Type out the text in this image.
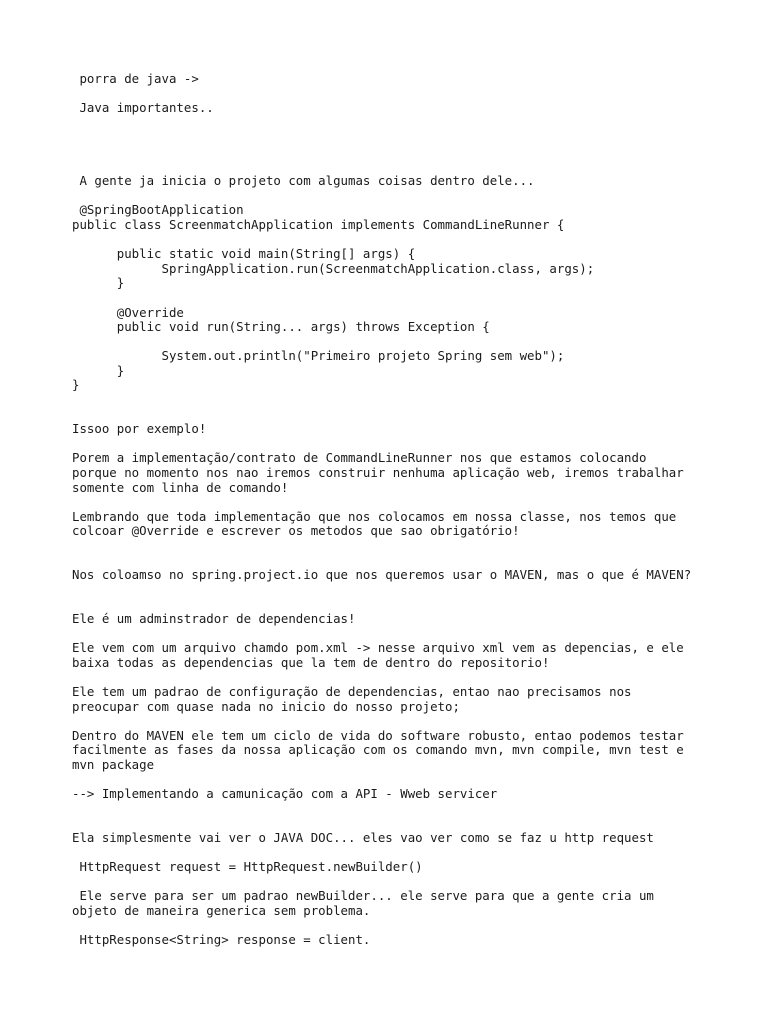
porra de java ->
Java importantes..
A gente ja inicia o projeto com algumas coisas dentro dele...
@SpringBootApplication
public class ScreenmatchApplication implements CommandLineRunner {
public static void main(String[] args) {
SpringApplication.run(ScreenmatchApplication.class, args);
}
@Override
public void run(String... args) throws Exception {
System.out.println("Primeiro projeto Spring sem web");
}
}
Issoo por exemplo!
Porem a implementação/contrato de CommandLineRunner nos que estamos colocando
porque no momento nos nao iremos construir nenhuma aplicação web, iremos trabalhar
somente com linha de comando!
Lembrando que toda implementação que nos colocamos em nossa classe, nos temos que
colcoar @Override e escrever os metodos que sao obrigatório!
Nos coloamso no spring.project.io que nos queremos usar o MAVEN, mas o que é MAVEN?
Ele é um adminstrador de dependencias!
Ele vem com um arquivo chamdo pom.xml -> nesse arquivo xml vem as depencias, e ele
baixa todas as dependencias que la tem de dentro do repositorio!
Ele tem um padrao de configuração de dependencias, entao nao precisamos nos
preocupar com quase nada no inicio do nosso projeto;
Dentro do MAVEN ele tem um ciclo de vida do software robusto, entao podemos testar
facilmente as fases da nossa aplicação com os comando mvn, mvn compile, mvn test e
mvn package
--> Implementando a camunicação com a API - Wweb servicer
Ela simplesmente vai ver o JAVA DOC... eles vao ver como se faz u http request
HttpRequest request = HttpRequest.newBuilder()
Ele serve para ser um padrao newBuilder... ele serve para que a gente cria um
objeto de maneira generica sem problema.
HttpResponse<String> response = client.
